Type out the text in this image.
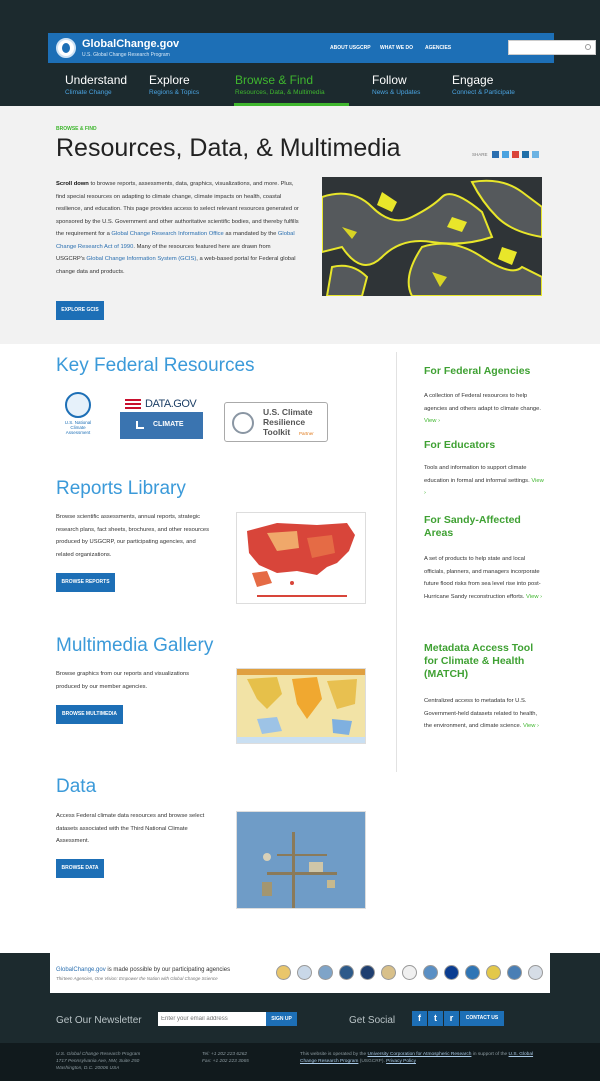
GlobalChange.gov
U.S. Global Change Research Program
ABOUT USGCRP WHAT WE DO AGENCIES
Understand
Climate Change
Explore
Regions & Topics
Browse & Find
Resources, Data, & Multimedia
Follow
News & Updates
Engage
Connect & Participate
BROWSE & FIND
Resources, Data, & Multimedia	SHARE

Scroll down to browse reports, assessments, data, graphics, visualizations, and more. Plus, find special resources on adapting to climate change, climate impacts on health, coastal resilience, and education. This page provides access to select relevant resources generated or sponsored by the U.S. Government and other authoritative scientific bodies, and thereby fulfills the requirement for a Global Change Research Information Office as mandated by the Global Change Research Act of 1990. Many of the resources featured here are drawn from USGCRP's Global Change Information System (GCIS), a web-based portal for Federal global change data and products.

EXPLORE GCIS
Key Federal Resources
U.S. National Climate Assessment
DATA.GOV
CLIMATE
U.S. Climate
Resilience
Toolkit Partner
Reports Library

Browse scientific assessments, annual reports, strategic research plans, fact sheets, brochures, and other resources produced by USGCRP, our participating agencies, and related organizations.

BROWSE REPORTS
Multimedia Gallery

Browse graphics from our reports and visualizations produced by our member agencies.

BROWSE MULTIMEDIA
Data

Access Federal climate data resources and browse select datasets associated with the Third National Climate Assessment.

BROWSE DATA
For Federal Agencies

A collection of Federal resources to help agencies and others adapt to climate change. View ›

For Educators

Tools and information to support climate education in formal and informal settings. View ›

For Sandy-Affected Areas

A set of products to help state and local officials, planners, and managers incorporate future flood risks from sea level rise into post-Hurricane Sandy reconstruction efforts. View ›

Metadata Access Tool for Climate & Health (MATCH)

Centralized access to metadata for U.S. Government-held datasets related to health, the environment, and climate science. View ›

GlobalChange.gov is made possible by our participating agencies
Thirteen Agencies, One Vision: Empower the Nation with Global Change Science
Get Our Newsletter
Enter your email address	SIGN UP	Get Social	f	t	r	CONTACT US
U.S. Global Change Research Program
1717 Pennsylvania Ave, NW, Suite 250
Washington, D.C. 20006 USA
Tel: +1 202 223 6262
Fax: +1 202 223 3065
This website is operated by the University Corporation for Atmospheric Research in support of the U.S. Global Change Research Program (USGCRP). Privacy Policy
